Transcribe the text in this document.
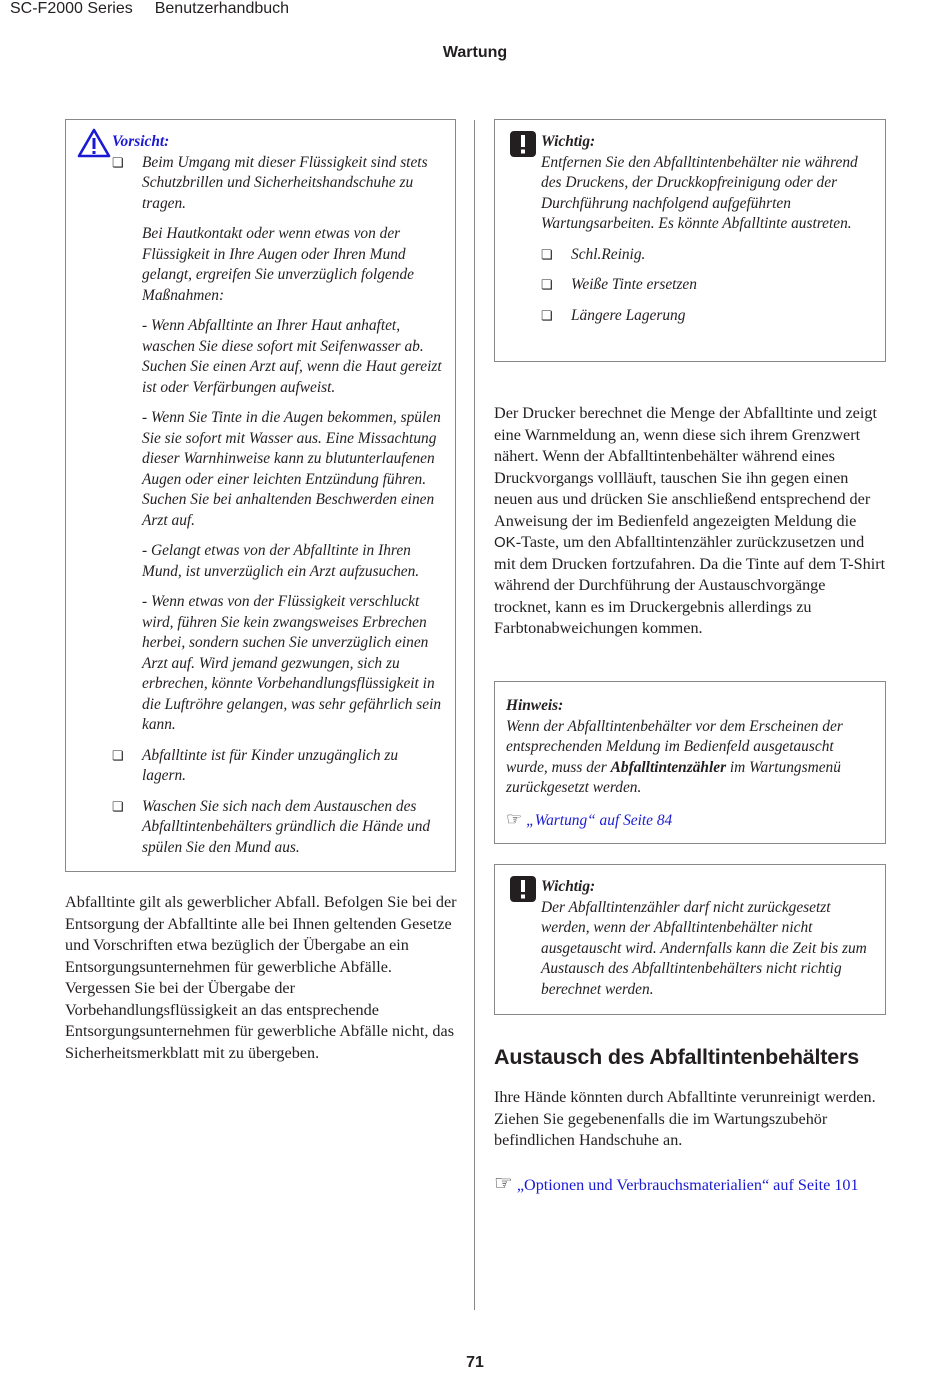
SC-F2000 Series Benutzerhandbuch
Wartung
Vorsicht:
❏ Beim Umgang mit dieser Flüssigkeit sind stets Schutzbrillen und Sicherheitshandschuhe zu tragen.

Bei Hautkontakt oder wenn etwas von der Flüssigkeit in Ihre Augen oder Ihren Mund gelangt, ergreifen Sie unverzüglich folgende Maßnahmen:

- Wenn Abfalltinte an Ihrer Haut anhaftet, waschen Sie diese sofort mit Seifenwasser ab. Suchen Sie einen Arzt auf, wenn die Haut gereizt ist oder Verfärbungen aufweist.

- Wenn Sie Tinte in die Augen bekommen, spülen Sie sie sofort mit Wasser aus. Eine Missachtung dieser Warnhinweise kann zu blutunterlaufenen Augen oder einer leichten Entzündung führen. Suchen Sie bei anhaltenden Beschwerden einen Arzt auf.

- Gelangt etwas von der Abfalltinte in Ihren Mund, ist unverzüglich ein Arzt aufzusuchen.

- Wenn etwas von der Flüssigkeit verschluckt wird, führen Sie kein zwangsweises Erbrechen herbei, sondern suchen Sie unverzüglich einen Arzt auf. Wird jemand gezwungen, sich zu erbrechen, könnte Vorbehandlungsflüssigkeit in die Luftröhre gelangen, was sehr gefährlich sein kann.

❏ Abfalltinte ist für Kinder unzugänglich zu lagern.
❏ Waschen Sie sich nach dem Austauschen des Abfalltintenbehälters gründlich die Hände und spülen Sie den Mund aus.

Abfalltinte gilt als gewerblicher Abfall. Befolgen Sie bei der Entsorgung der Abfalltinte alle bei Ihnen geltenden Gesetze und Vorschriften etwa bezüglich der Übergabe an ein Entsorgungsunternehmen für gewerbliche Abfälle. Vergessen Sie bei der Übergabe der Vorbehandlungsflüssigkeit an das entsprechende Entsorgungsunternehmen für gewerbliche Abfälle nicht, das Sicherheitsmerkblatt mit zu übergeben.

Wichtig:

Entfernen Sie den Abfalltintenbehälter nie während des Druckens, der Druckkopfreinigung oder der Durchführung nachfolgend aufgeführten Wartungsarbeiten. Es könnte Abfalltinte austreten.

❏ Schl.Reinig.
❏ Weiße Tinte ersetzen
❏ Längere Lagerung

Der Drucker berechnet die Menge der Abfalltinte und zeigt eine Warnmeldung an, wenn diese sich ihrem Grenzwert nähert. Wenn der Abfalltintenbehälter während eines Druckvorgangs vollläuft, tauschen Sie ihn gegen einen neuen aus und drücken Sie anschließend entsprechend der Anweisung der im Bedienfeld angezeigten Meldung die OK-Taste, um den Abfalltintenzähler zurückzusetzen und mit dem Drucken fortzufahren. Da die Tinte auf dem T-Shirt während der Durchführung der Austauschvorgänge trocknet, kann es im Druckergebnis allerdings zu Farbtonabweichungen kommen.

Hinweis:

Wenn der Abfalltintenbehälter vor dem Erscheinen der entsprechenden Meldung im Bedienfeld ausgetauscht wurde, muss der Abfalltintenzähler im Wartungsmenü zurückgesetzt werden.

☞ „Wartung“ auf Seite 84
Wichtig:

Der Abfalltintenzähler darf nicht zurückgesetzt werden, wenn der Abfalltintenbehälter nicht ausgetauscht wird. Andernfalls kann die Zeit bis zum Austausch des Abfalltintenbehälters nicht richtig berechnet werden.

Austausch des Abfalltintenbehälters

Ihre Hände könnten durch Abfalltinte verunreinigt werden. Ziehen Sie gegebenenfalls die im Wartungszubehör befindlichen Handschuhe an.

☞ „Optionen und Verbrauchsmaterialien“ auf Seite 101
71
